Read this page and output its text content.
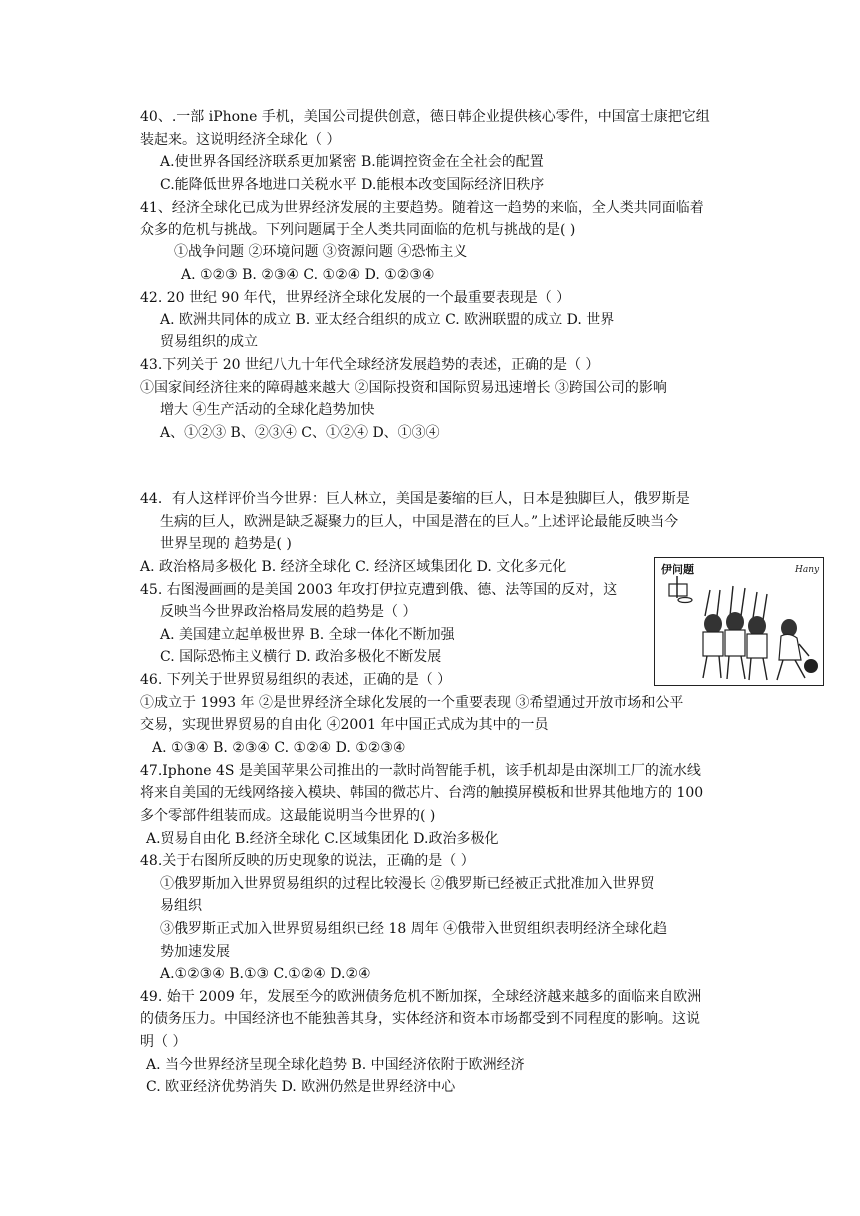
40、.一部 iPhone 手机，美国公司提供创意，德日韩企业提供核心零件，中国富士康把它组
装起来。这说明经济全球化（ ）
A.使世界各国经济联系更加紧密 B.能调控资金在全社会的配置
C.能降低世界各地进口关税水平 D.能根本改变国际经济旧秩序
41、经济全球化已成为世界经济发展的主要趋势。随着这一趋势的来临，全人类共同面临着
众多的危机与挑战。下列问题属于全人类共同面临的危机与挑战的是( )
①战争问题 ②环境问题 ③资源问题 ④恐怖主义
A. ①②③ B. ②③④ C. ①②④ D. ①②③④
42. 20 世纪 90 年代，世界经济全球化发展的一个最重要表现是（ ）
A. 欧洲共同体的成立 B. 亚太经合组织的成立 C. 欧洲联盟的成立 D. 世界
贸易组织的成立
43.下列关于 20 世纪八九十年代全球经济发展趋势的表述，正确的是（ ）
①国家间经济往来的障碍越来越大 ②国际投资和国际贸易迅速增长 ③跨国公司的影响
增大 ④生产活动的全球化趋势加快
A、①②③ B、②③④ C、①②④ D、①③④
44．有人这样评价当今世界：巨人林立，美国是萎缩的巨人，日本是独脚巨人，俄罗斯是
生病的巨人，欧洲是缺乏凝聚力的巨人，中国是潜在的巨人。”上述评论最能反映当今
世界呈现的 趋势是( )
A. 政治格局多极化 B. 经济全球化 C. 经济区域集团化 D. 文化多元化
45. 右图漫画画的是美国 2003 年攻打伊拉克遭到俄、德、法等国的反对，这
反映当今世界政治格局发展的趋势是（ ）
A. 美国建立起单极世界 B. 全球一体化不断加强
C. 国际恐怖主义横行 D. 政治多极化不断发展
伊问题	Hany
46. 下列关于世界贸易组织的表述，正确的是（ ）
①成立于 1993 年 ②是世界经济全球化发展的一个重要表现 ③希望通过开放市场和公平
交易，实现世界贸易的自由化 ④2001 年中国正式成为其中的一员
A. ①③④ B. ②③④ C. ①②④ D. ①②③④
47.Iphone 4S 是美国苹果公司推出的一款时尚智能手机，该手机却是由深圳工厂的流水线
将来自美国的无线网络接入模块、韩国的微芯片、台湾的触摸屏模板和世界其他地方的 100
多个零部件组装而成。这最能说明当今世界的( )
A.贸易自由化 B.经济全球化 C.区域集团化 D.政治多极化
48.关于右图所反映的历史现象的说法，正确的是（ ）
①俄罗斯加入世界贸易组织的过程比较漫长 ②俄罗斯已经被正式批准加入世界贸
易组织
③俄罗斯正式加入世界贸易组织已经 18 周年 ④俄带入世贸组织表明经济全球化趋
势加速发展
A.①②③④ B.①③ C.①②④ D.②④
49. 始干 2009 年，发展至今的欧洲债务危机不断加探，全球经济越来越多的面临来自欧洲
的债务压力。中国经济也不能独善其身，实体经济和资本市场都受到不同程度的影响。这说
明（ ）
A. 当今世界经济呈现全球化趋势 B. 中国经济依附于欧洲经济
C. 欧亚经济优势消失 D. 欧洲仍然是世界经济中心
